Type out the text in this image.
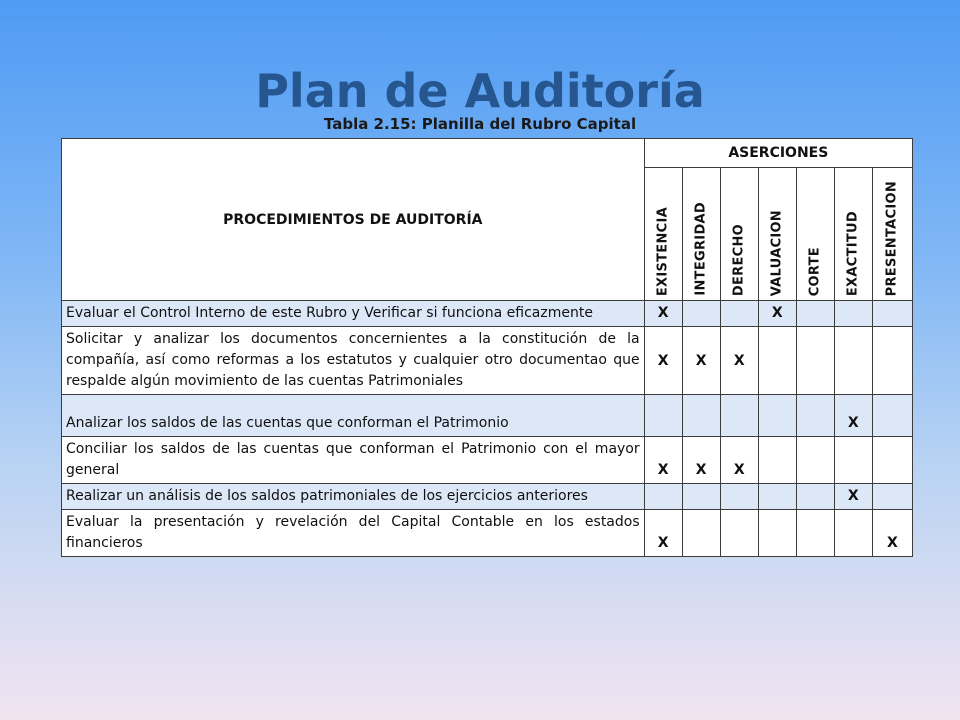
Plan de Auditoría
Tabla 2.15: Planilla del Rubro Capital
PROCEDIMIENTOS DE AUDITORÍA	ASERCIONES						

	EXISTENCIA	INTEGRIDAD	DERECHO	VALUACION	CORTE	EXACTITUD	PRESENTACION

Evaluar el Control Interno de este Rubro y Verificar si funciona eficazmente	X			X			
Solicitar y analizar los documentos concernientes a la constitución de la compañía, así como reformas a los estatutos y cualquier otro documentao que respalde algún movimiento de las cuentas Patrimoniales	X	X	X				
Analizar los saldos de las cuentas que conforman el Patrimonio						X	
Conciliar los saldos de las cuentas que conforman el Patrimonio con el mayor general	X	X	X				
Realizar un análisis de los saldos patrimoniales de los ejercicios anteriores						X	
Evaluar la presentación y revelación del Capital Contable en los estados financieros	X						X
